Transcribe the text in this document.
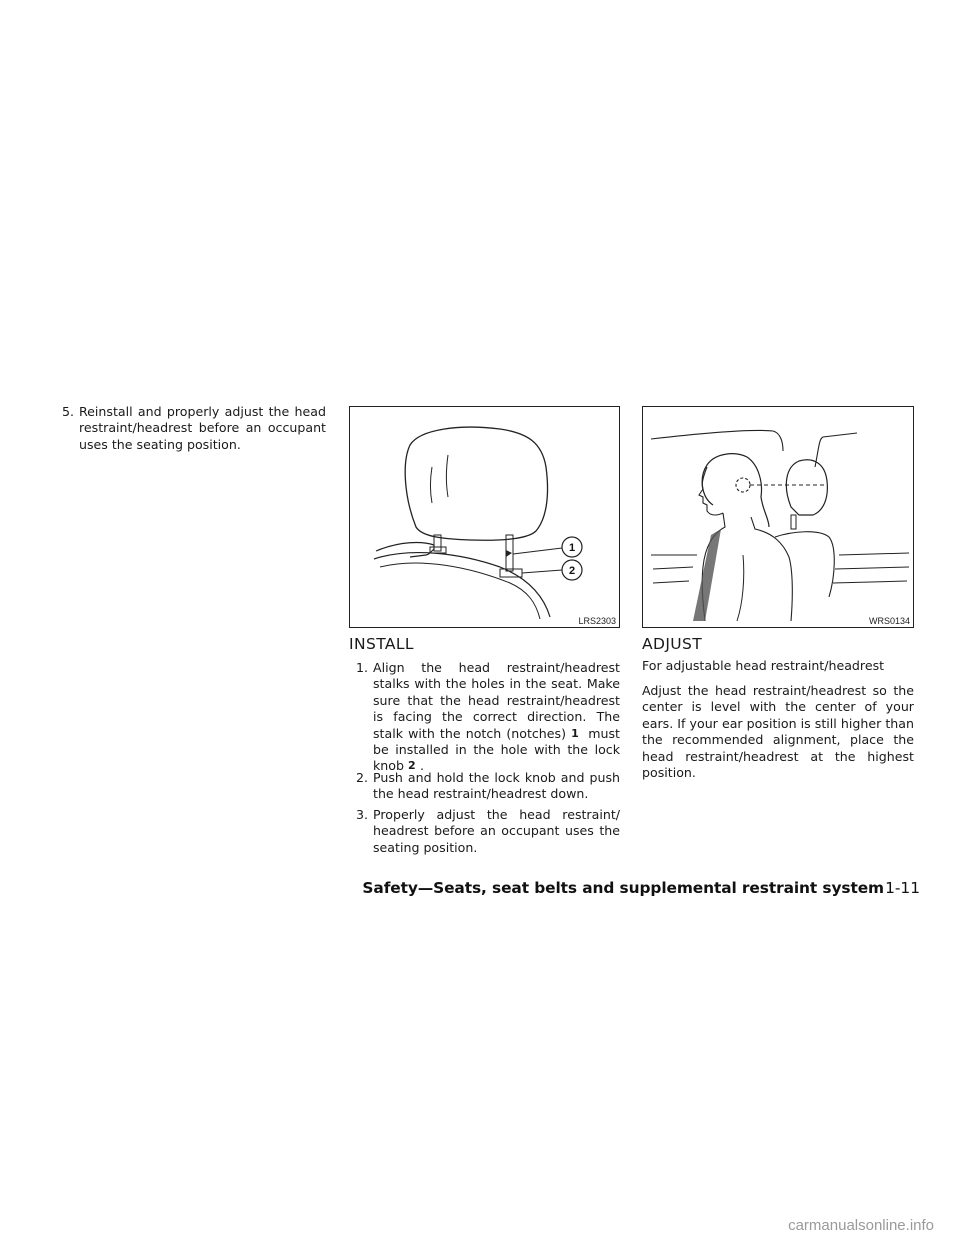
5. Reinstall and properly adjust the head restraint/headrest before an occupant uses the seating position.
1
2
LRS2303	WRS0134
INSTALL
1. Align the head restraint/headrest stalks with the holes in the seat. Make sure that the head restraint/headrest is facing the correct direction. The stalk with the notch (notches) 1 must be installed in the hole with the lock knob 2 .
2. Push and hold the lock knob and push the head restraint/headrest down.
3. Properly adjust the head restraint/ headrest before an occupant uses the seating position.
ADJUST

For adjustable head restraint/headrest

Adjust the head restraint/headrest so the center is level with the center of your ears. If your ear position is still higher than the recommended alignment, place the head restraint/headrest at the highest position.

Safety—Seats, seat belts and supplemental restraint system 1-11
carmanualsonline.info
